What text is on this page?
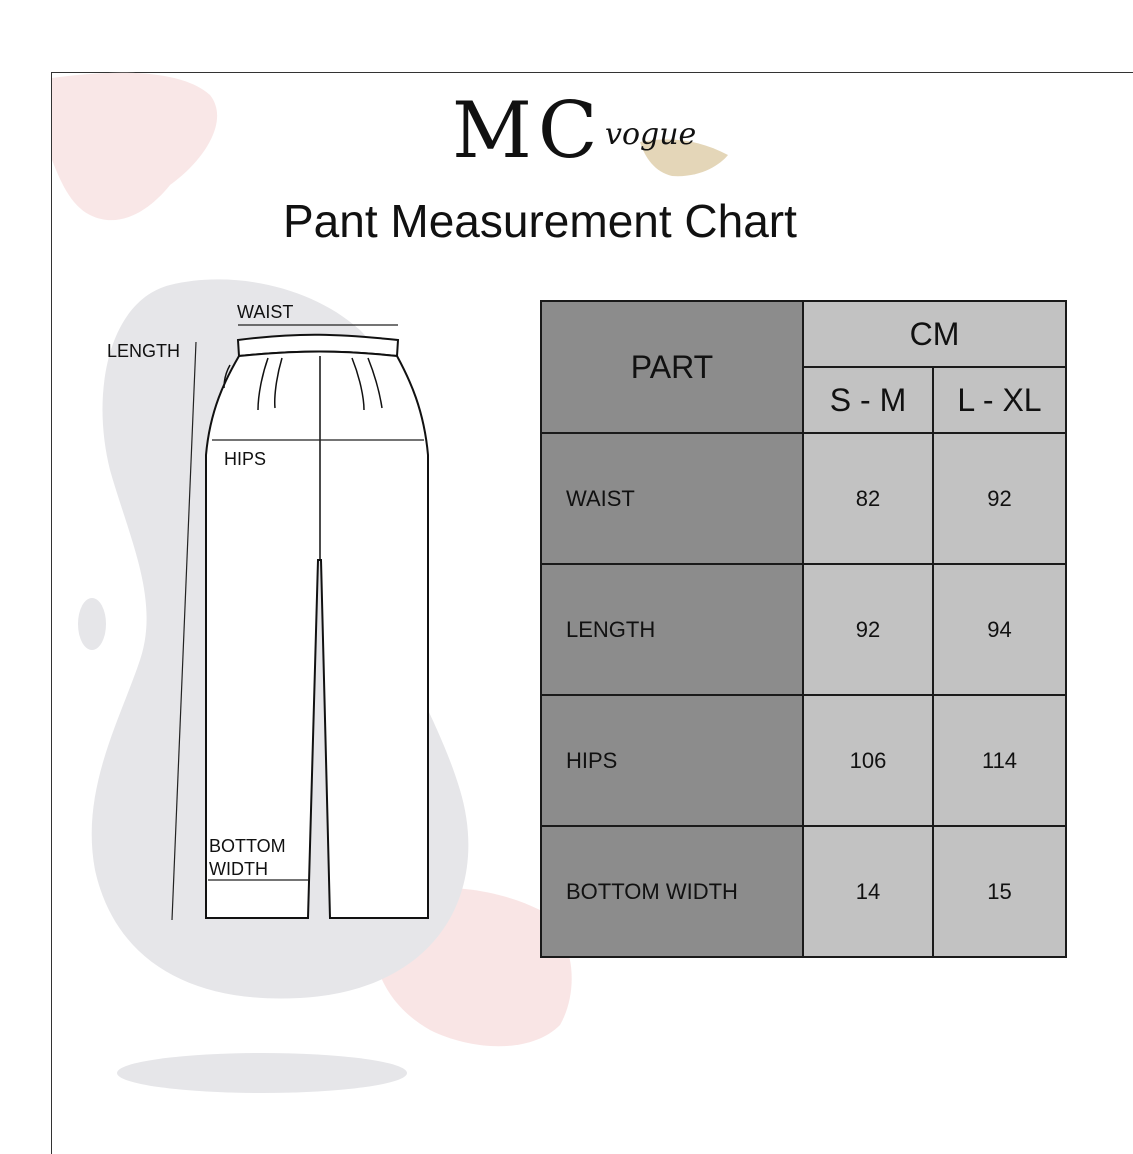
MC vogue
Pant Measurement Chart
WAIST
LENGTH
HIPS
BOTTOM
WIDTH
PART	CM	
	S - M	L - XL
WAIST	82	92
LENGTH	92	94
HIPS	106	114
BOTTOM WIDTH	14	15
